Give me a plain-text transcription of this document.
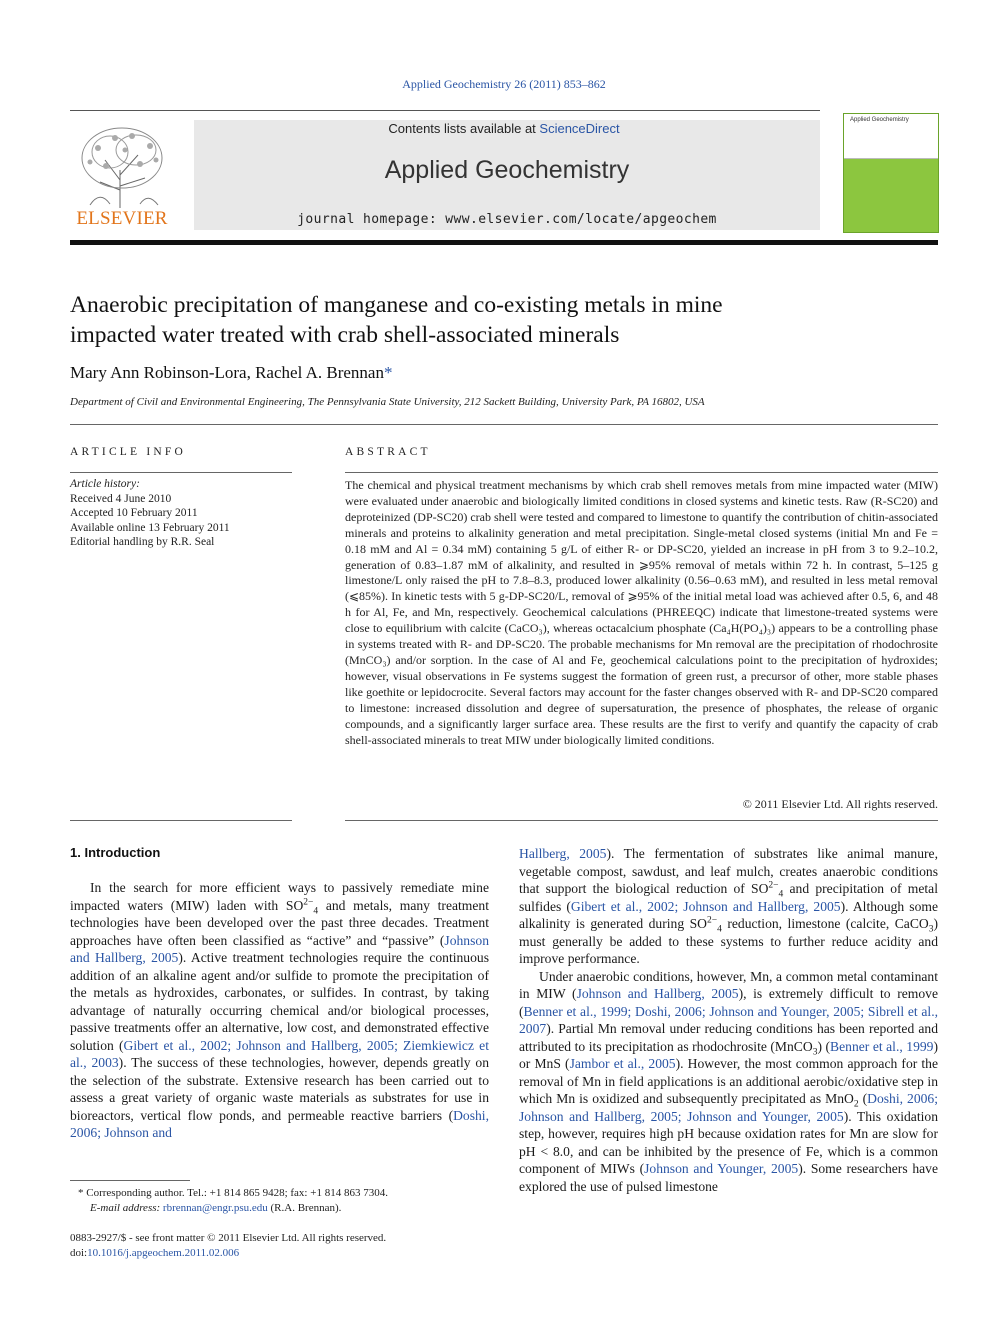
Applied Geochemistry 26 (2011) 853–862
ELSEVIER
Contents lists available at ScienceDirect
Applied Geochemistry
journal homepage: www.elsevier.com/locate/apgeochem
Applied Geochemistry
Anaerobic precipitation of manganese and co-existing metals in mine
impacted water treated with crab shell-associated minerals
Mary Ann Robinson-Lora, Rachel A. Brennan*
Department of Civil and Environmental Engineering, The Pennsylvania State University, 212 Sackett Building, University Park, PA 16802, USA
ARTICLE INFO
Article history:
Received 4 June 2010
Accepted 10 February 2011
Available online 13 February 2011
Editorial handling by R.R. Seal
ABSTRACT
The chemical and physical treatment mechanisms by which crab shell removes metals from mine impacted water (MIW) were evaluated under anaerobic and biologically limited conditions in closed systems and kinetic tests. Raw (R-SC20) and deproteinized (DP-SC20) crab shell were tested and compared to limestone to quantify the contribution of chitin-associated minerals and proteins to alkalinity generation and metal precipitation. Single-metal closed systems (initial Mn and Fe = 0.18 mM and Al = 0.34 mM) containing 5 g/L of either R- or DP-SC20, yielded an increase in pH from 3 to 9.2–10.2, generation of 0.83–1.87 mM of alkalinity, and resulted in ⩾95% removal of metals within 72 h. In contrast, 5–125 g limestone/L only raised the pH to 7.8–8.3, produced lower alkalinity (0.56–0.63 mM), and resulted in less metal removal (⩽85%). In kinetic tests with 5 g-DP-SC20/L, removal of ⩾95% of the initial metal load was achieved after 0.5, 6, and 48 h for Al, Fe, and Mn, respectively. Geochemical calculations (PHREEQC) indicate that limestone-treated systems were close to equilibrium with calcite (CaCO₃), whereas octacalcium phosphate (Ca₄H(PO₄)₃) appears to be a controlling phase in systems treated with R- and DP-SC20. The probable mechanisms for Mn removal are the precipitation of rhodochrosite (MnCO₃) and/or sorption. In the case of Al and Fe, geochemical calculations point to the precipitation of hydroxides; however, visual observations in Fe systems suggest the formation of green rust, a precursor of other, more stable phases like goethite or lepidocrocite. Several factors may account for the faster changes observed with R- and DP-SC20 compared to limestone: increased dissolution and degree of supersaturation, the presence of phosphates, the release of organic compounds, and a significantly larger surface area. These results are the first to verify and quantify the capacity of crab shell-associated minerals to treat MIW under biologically limited conditions.
© 2011 Elsevier Ltd. All rights reserved.
1. Introduction

In the search for more efficient ways to passively remediate mine impacted waters (MIW) laden with $SO^{2-}_4$ and metals, many treatment technologies have been developed over the past three decades. Treatment approaches have often been classified as “active” and “passive” (Johnson and Hallberg, 2005). Active treatment technologies require the continuous addition of an alkaline agent and/or sulfide to promote the precipitation of the metals as hydroxides, carbonates, or sulfides. In contrast, by taking advantage of naturally occurring chemical and/or biological processes, passive treatments offer an alternative, low cost, and demonstrated effective solution (Gibert et al., 2002; Johnson and Hallberg, 2005; Ziemkiewicz et al., 2003). The success of these technologies, however, depends greatly on the selection of the substrate. Extensive research has been carried out to assess a great variety of organic waste materials as substrates for use in bioreactors, vertical flow ponds, and permeable reactive barriers (Doshi, 2006; Johnson and

Hallberg, 2005). The fermentation of substrates like animal manure, vegetable compost, sawdust, and leaf mulch, creates anaerobic conditions that support the biological reduction of $SO^{2-}_4$ and precipitation of metal sulfides (Gibert et al., 2002; Johnson and Hallberg, 2005). Although some alkalinity is generated during $SO^{2-}_4$ reduction, limestone (calcite, CaCO$_3$) must generally be added to these systems to further reduce acidity and improve performance.

Under anaerobic conditions, however, Mn, a common metal contaminant in MIW (Johnson and Hallberg, 2005), is extremely difficult to remove (Benner et al., 1999; Doshi, 2006; Johnson and Younger, 2005; Sibrell et al., 2007). Partial Mn removal under reducing conditions has been reported and attributed to its precipitation as rhodochrosite (MnCO$_3$) (Benner et al., 1999) or MnS (Jambor et al., 2005). However, the most common approach for the removal of Mn in field applications is an additional aerobic/oxidative step in which Mn is oxidized and subsequently precipitated as MnO$_2$ (Doshi, 2006; Johnson and Hallberg, 2005; Johnson and Younger, 2005). This oxidation step, however, requires high pH because oxidation rates for Mn are slow for pH < 8.0, and can be inhibited by the presence of Fe, which is a common component of MIWs (Johnson and Younger, 2005). Some researchers have explored the use of pulsed limestone

* Corresponding author. Tel.: +1 814 865 9428; fax: +1 814 863 7304.
E-mail address: rbrennan@engr.psu.edu (R.A. Brennan).
0883-2927/$ - see front matter © 2011 Elsevier Ltd. All rights reserved.
doi:10.1016/j.apgeochem.2011.02.006
